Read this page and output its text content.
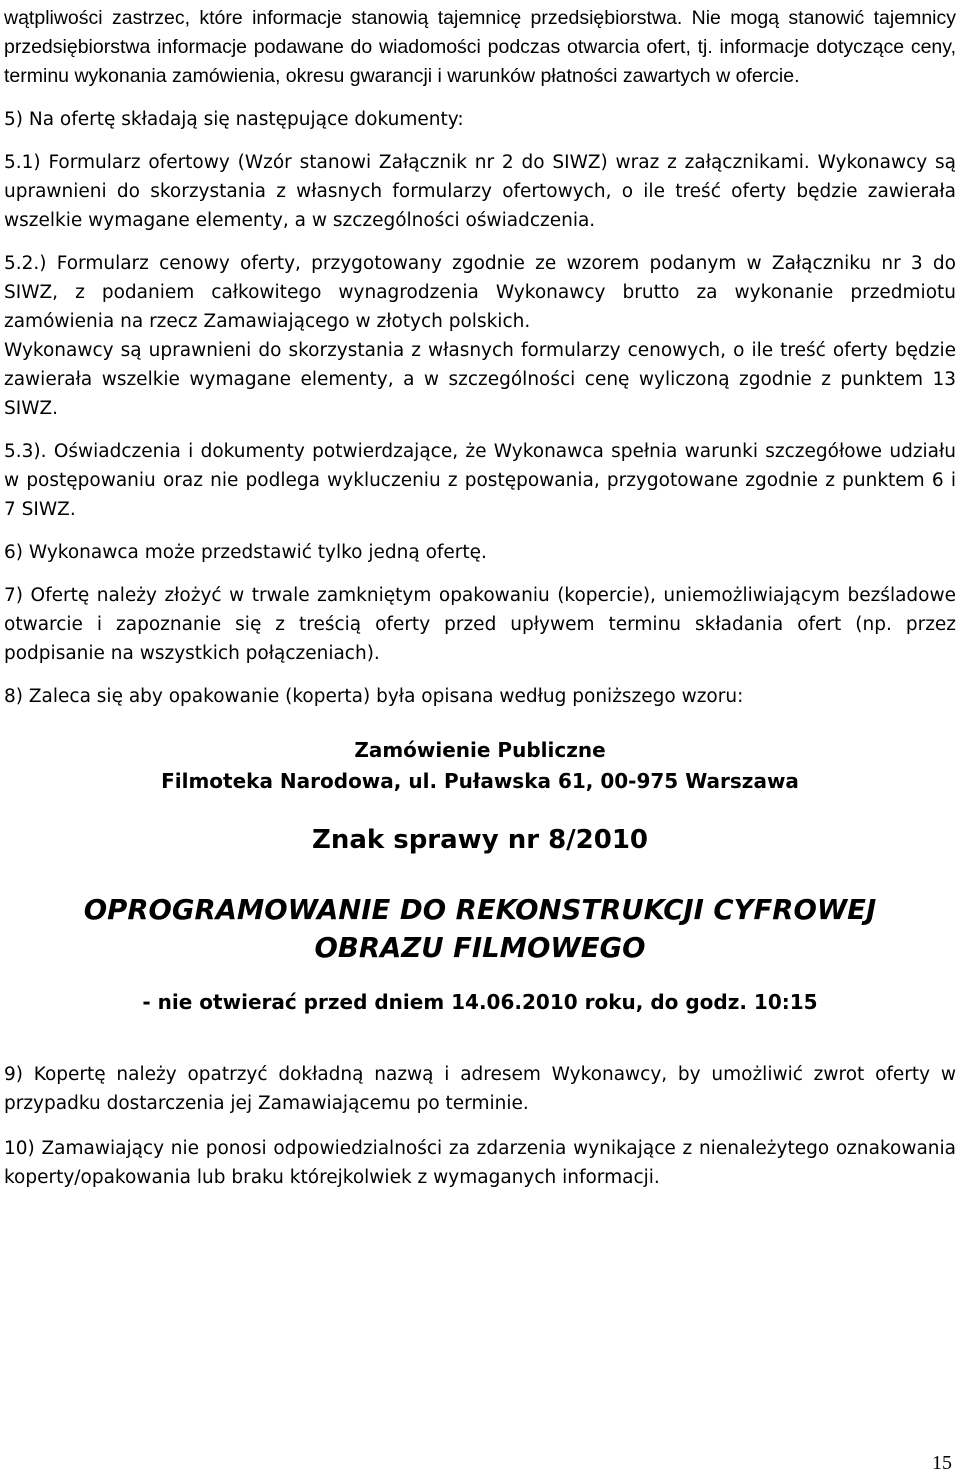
wątpliwości zastrzec, które informacje stanowią tajemnicę przedsiębiorstwa. Nie mogą stanowić tajemnicy przedsiębiorstwa informacje podawane do wiadomości podczas otwarcia ofert, tj. informacje dotyczące ceny, terminu wykonania zamówienia, okresu gwarancji i warunków płatności zawartych w ofercie.

5) Na ofertę składają się następujące dokumenty:

5.1) Formularz ofertowy (Wzór stanowi Załącznik nr 2 do SIWZ) wraz z załącznikami. Wykonawcy są uprawnieni do skorzystania z własnych formularzy ofertowych, o ile treść oferty będzie zawierała wszelkie wymagane elementy, a w szczególności oświadczenia.

5.2.) Formularz cenowy oferty, przygotowany zgodnie ze wzorem podanym w Załączniku nr 3 do SIWZ, z podaniem całkowitego wynagrodzenia Wykonawcy brutto za wykonanie przedmiotu zamówienia na rzecz Zamawiającego w złotych polskich.

Wykonawcy są uprawnieni do skorzystania z własnych formularzy cenowych, o ile treść oferty będzie zawierała wszelkie wymagane elementy, a w szczególności cenę wyliczoną zgodnie z punktem 13 SIWZ.

5.3). Oświadczenia i dokumenty potwierdzające, że Wykonawca spełnia warunki szczegółowe udziału w postępowaniu oraz nie podlega wykluczeniu z postępowania, przygotowane zgodnie z punktem 6 i 7 SIWZ.

6) Wykonawca może przedstawić tylko jedną ofertę.

7) Ofertę należy złożyć w trwale zamkniętym opakowaniu (kopercie), uniemożliwiającym bezśladowe otwarcie i zapoznanie się z treścią oferty przed upływem terminu składania ofert (np. przez podpisanie na wszystkich połączeniach).

8) Zaleca się aby opakowanie (koperta) była opisana według poniższego wzoru:

Zamówienie Publiczne
Filmoteka Narodowa, ul. Puławska 61, 00-975 Warszawa
Znak sprawy nr 8/2010
OPROGRAMOWANIE DO REKONSTRUKCJI CYFROWEJ
OBRAZU FILMOWEGO
- nie otwierać przed dniem 14.06.2010 roku, do godz. 10:15

9) Kopertę należy opatrzyć dokładną nazwą i adresem Wykonawcy, by umożliwić zwrot oferty w przypadku dostarczenia jej Zamawiającemu po terminie.

10) Zamawiający nie ponosi odpowiedzialności za zdarzenia wynikające z nienależytego oznakowania koperty/opakowania lub braku którejkolwiek z wymaganych informacji.

15
